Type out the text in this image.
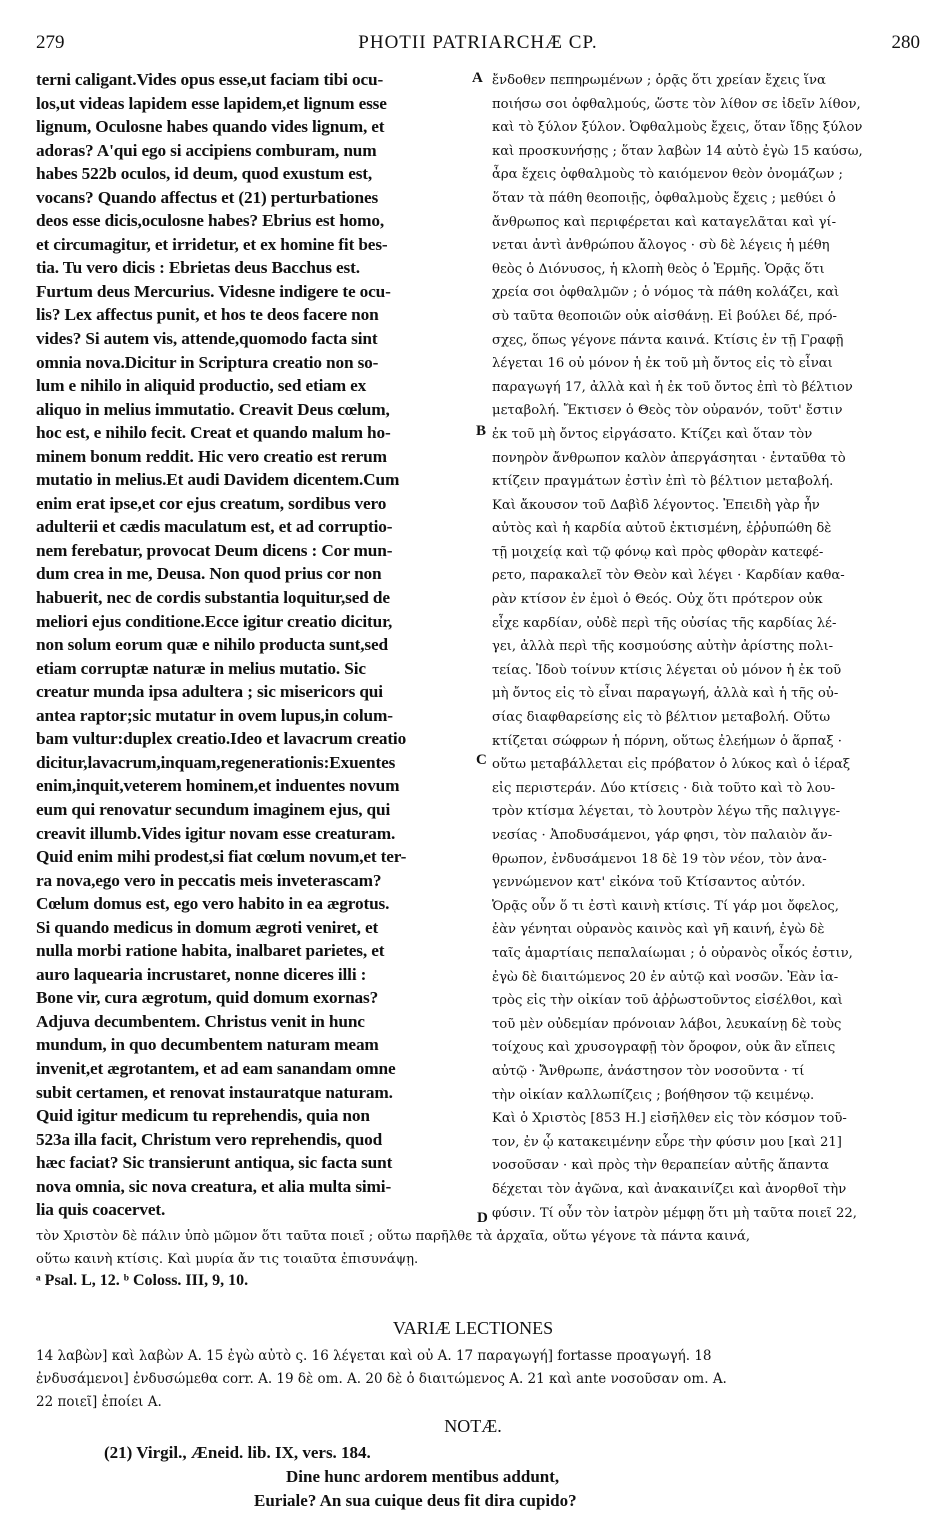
279	PHOTII PATRIARCHÆ CP.	280
terni caligant.Vides opus esse,ut faciam tibi ocu-
los,ut videas lapidem esse lapidem,et lignum esse
lignum, Oculosne habes quando vides lignum, et
adoras? A'qui ego si accipiens comburam, num
habes 522b oculos, id deum, quod exustum est,
vocans? Quando affectus et (21) perturbationes
deos esse dicis,oculosne habes? Ebrius est homo,
et circumagitur, et irridetur, et ex homine fit bes-
tia. Tu vero dicis : Ebrietas deus Bacchus est.
Furtum deus Mercurius. Videsne indigere te ocu-
lis? Lex affectus punit, et hos te deos facere non
vides? Si autem vis, attende,quomodo facta sint
omnia nova.Dicitur in Scriptura creatio non so-
lum e nihilo in aliquid productio, sed etiam ex
aliquo in melius immutatio. Creavit Deus cœlum,
hoc est, e nihilo fecit. Creat et quando malum ho-
minem bonum reddit. Hic vero creatio est rerum
mutatio in melius.Et audi Davidem dicentem.Cum
enim erat ipse,et cor ejus creatum, sordibus vero
adulterii et cædis maculatum est, et ad corruptio-
nem ferebatur, provocat Deum dicens : Cor mun-
dum crea in me, Deusa. Non quod prius cor non
habuerit, nec de cordis substantia loquitur,sed de
meliori ejus conditione.Ecce igitur creatio dicitur,
non solum eorum quæ e nihilo producta sunt,sed
etiam corruptæ naturæ in melius mutatio. Sic
creatur munda ipsa adultera ; sic misericors qui
antea raptor;sic mutatur in ovem lupus,in colum-
bam vultur:duplex creatio.Ideo et lavacrum creatio
dicitur,lavacrum,inquam,regenerationis:Exuentes
enim,inquit,veterem hominem,et induentes novum
eum qui renovatur secundum imaginem ejus, qui
creavit illumb.Vides igitur novam esse creaturam.
Quid enim mihi prodest,si fiat cœlum novum,et ter-
ra nova,ego vero in peccatis meis inveterascam?
Cœlum domus est, ego vero habito in ea ægrotus.
Si quando medicus in domum ægroti veniret, et
nulla morbi ratione habita, inalbaret parietes, et
auro laquearia incrustaret, nonne diceres illi :
Bone vir, cura ægrotum, quid domum exornas?
Adjuva decumbentem. Christus venit in hunc
mundum, in quo decumbentem naturam meam
invenit,et ægrotantem, et ad eam sanandam omne
subit certamen, et renovat instauratque naturam.
Quid igitur medicum tu reprehendis, quia non
523a illa facit, Christum vero reprehendis, quod
hæc faciat? Sic transierunt antiqua, sic facta sunt
nova omnia, sic nova creatura, et alia multa simi-
lia quis coacervet.
A
B
C
D
ἔνδοθεν πεπηρωμένων ; ὁρᾷς ὅτι χρείαν ἔχεις ἵνα
ποιήσω σοι ὀφθαλμούς, ὥστε τὸν λίθον σε ἰδεῖν λίθον,
καὶ τὸ ξύλον ξύλον. Ὀφθαλμοὺς ἔχεις, ὅταν ἴδῃς ξύλον
καὶ προσκυνήσῃς ; ὅταν λαβὼν 14 αὐτὸ ἐγὼ 15 καύσω,
ἆρα ἔχεις ὀφθαλμοὺς τὸ καιόμενον θεὸν ὀνομάζων ;
ὅταν τὰ πάθη θεοποιῇς, ὀφθαλμοὺς ἔχεις ; μεθύει ὁ
ἄνθρωπος καὶ περιφέρεται καὶ καταγελᾶται καὶ γί-
νεται ἀντὶ ἀνθρώπου ἄλογος · σὺ δὲ λέγεις ἡ μέθη
θεὸς ὁ Διόνυσος, ἡ κλοπὴ θεὸς ὁ Ἑρμῆς. Ὁρᾷς ὅτι
χρεία σοι ὀφθαλμῶν ; ὁ νόμος τὰ πάθη κολάζει, καὶ
σὺ ταῦτα θεοποιῶν οὐκ αἰσθάνῃ. Εἰ βούλει δέ, πρό-
σχες, ὅπως γέγονε πάντα καινά. Κτίσις ἐν τῇ Γραφῇ
λέγεται 16 οὐ μόνον ἡ ἐκ τοῦ μὴ ὄντος εἰς τὸ εἶναι
παραγωγή 17, ἀλλὰ καὶ ἡ ἐκ τοῦ ὄντος ἐπὶ τὸ βέλτιον
μεταβολή. Ἔκτισεν ὁ Θεὸς τὸν οὐρανόν, τοῦτ' ἔστιν
ἐκ τοῦ μὴ ὄντος εἰργάσατο. Κτίζει καὶ ὅταν τὸν
πονηρὸν ἄνθρωπον καλὸν ἀπεργάσηται · ἐνταῦθα τὸ
κτίζειν πραγμάτων ἐστὶν ἐπὶ τὸ βέλτιον μεταβολή.
Καὶ ἄκουσον τοῦ Δαβὶδ λέγοντος. Ἐπειδὴ γὰρ ἦν
αὐτὸς καὶ ἡ καρδία αὐτοῦ ἐκτισμένη, ἐῤῥυπώθη δὲ
τῇ μοιχείᾳ καὶ τῷ φόνῳ καὶ πρὸς φθορὰν κατεφέ-
ρετο, παρακαλεῖ τὸν Θεὸν καὶ λέγει · Καρδίαν καθα-
ρὰν κτίσον ἐν ἐμοὶ ὁ Θεός. Οὐχ ὅτι πρότερον οὐκ
εἶχε καρδίαν, οὐδὲ περὶ τῆς οὐσίας τῆς καρδίας λέ-
γει, ἀλλὰ περὶ τῆς κοσμούσης αὐτὴν ἀρίστης πολι-
τείας. Ἰδοὺ τοίνυν κτίσις λέγεται οὐ μόνον ἡ ἐκ τοῦ
μὴ ὄντος εἰς τὸ εἶναι παραγωγή, ἀλλὰ καὶ ἡ τῆς οὐ-
σίας διαφθαρείσης εἰς τὸ βέλτιον μεταβολή. Οὕτω
κτίζεται σώφρων ἡ πόρνη, οὕτως ἐλεήμων ὁ ἅρπαξ ·
οὕτω μεταβάλλεται εἰς πρόβατον ὁ λύκος καὶ ὁ ἱέραξ
εἰς περιστεράν. Δύο κτίσεις · διὰ τοῦτο καὶ τὸ λου-
τρὸν κτίσμα λέγεται, τὸ λουτρὸν λέγω τῆς παλιγγε-
νεσίας · Ἀποδυσάμενοι, γάρ φησι, τὸν παλαιὸν ἄν-
θρωπον, ἐνδυσάμενοι 18 δὲ 19 τὸν νέον, τὸν ἀνα-
γεννώμενον κατ' εἰκόνα τοῦ Κτίσαντος αὐτόν.
Ὁρᾷς οὖν ὅ τι ἐστὶ καινὴ κτίσις. Τί γάρ μοι ὄφελος,
ἐὰν γένηται οὐρανὸς καινὸς καὶ γῆ καινή, ἐγὼ δὲ
ταῖς ἁμαρτίαις πεπαλαίωμαι ; ὁ οὐρανὸς οἶκός ἐστιν,
ἐγὼ δὲ διαιτώμενος 20 ἐν αὐτῷ καὶ νοσῶν. Ἐὰν ἰα-
τρὸς εἰς τὴν οἰκίαν τοῦ ἀῤῥωστοῦντος εἰσέλθοι, καὶ
τοῦ μὲν οὐδεμίαν πρόνοιαν λάβοι, λευκαίνῃ δὲ τοὺς
τοίχους καὶ χρυσογραφῇ τὸν ὄροφον, οὐκ ἂν εἴπεις
αὐτῷ · Ἄνθρωπε, ἀνάστησον τὸν νοσοῦντα · τί
τὴν οἰκίαν καλλωπίζεις ; βοήθησον τῷ κειμένῳ.
Καὶ ὁ Χριστὸς [853 H.] εἰσῆλθεν εἰς τὸν κόσμον τοῦ-
τον, ἐν ᾧ κατακειμένην εὗρε τὴν φύσιν μου [καὶ 21]
νοσοῦσαν · καὶ πρὸς τὴν θεραπείαν αὐτῆς ἅπαντα
δέχεται τὸν ἀγῶνα, καὶ ἀνακαινίζει καὶ ἀνορθοῖ τὴν
φύσιν. Τί οὖν τὸν ἰατρὸν μέμφῃ ὅτι μὴ ταῦτα ποιεῖ 22,
τὸν Χριστὸν δὲ πάλιν ὑπὸ μῶμον ὅτι ταῦτα ποιεῖ ; οὕτω παρῆλθε τὰ ἀρχαῖα, οὕτω γέγονε τὰ πάντα καινά,
οὕτω καινὴ κτίσις. Καὶ μυρία ἄν τις τοιαῦτα ἐπισυνάψῃ.
ᵃ Psal. L, 12. ᵇ Coloss. III, 9, 10.
VARIÆ LECTIONES
14 λαβὼν] καὶ λαβὼν A. 15 ἐγὼ αὐτὸ ς. 16 λέγεται καὶ οὐ A. 17 παραγωγή] fortasse προαγωγή. 18
ἐνδυσάμενοι] ἐνδυσώμεθα corr. A. 19 δὲ om. A. 20 δὲ ὁ διαιτώμενος A. 21 καὶ ante νοσοῦσαν om. A.
22 ποιεῖ] ἐποίει A.
NOTÆ.
(21) Virgil., Æneid. lib. IX, vers. 184.
Dine hunc ardorem mentibus addunt,
Euriale? An sua cuique deus fit dira cupido?
